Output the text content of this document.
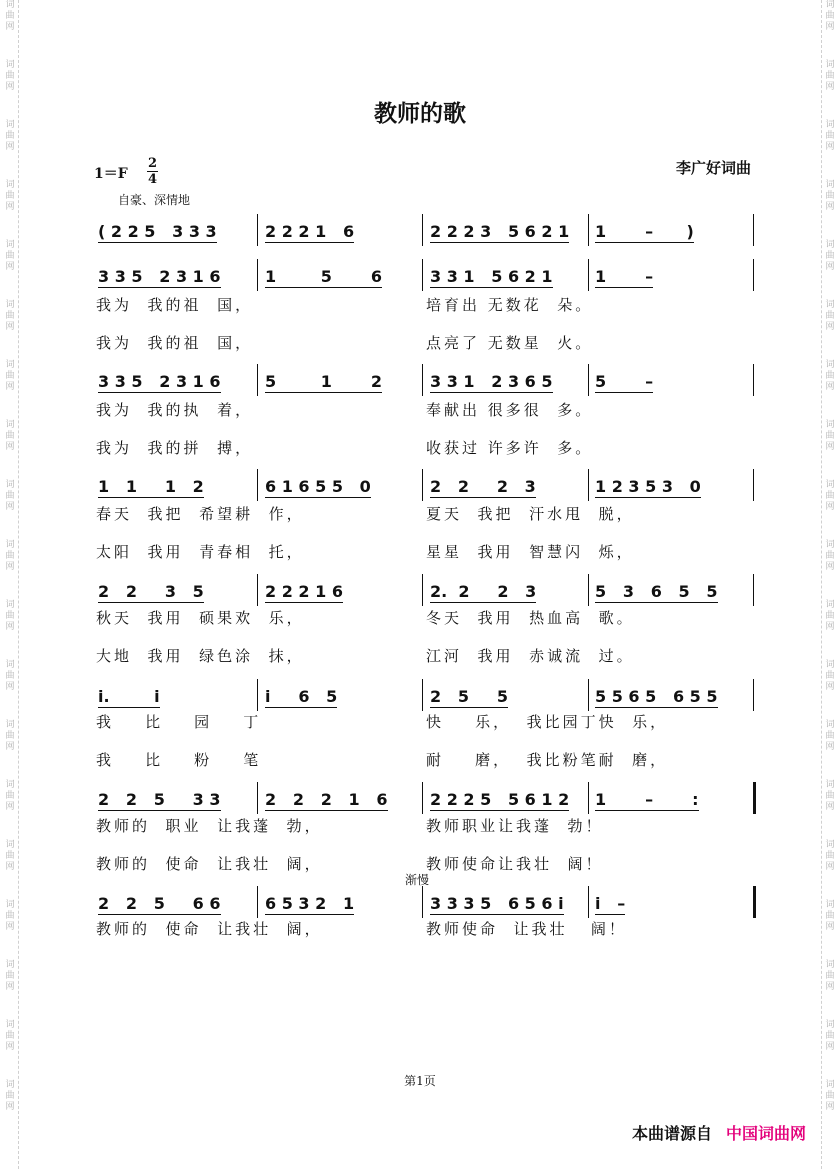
词
曲
网
词
曲
网
词
曲
网
词
曲
网
词
曲
网
词
曲
网
词
曲
网
词
曲
网
词
曲
网
词
曲
网
词
曲
网
词
曲
网
词
曲
网
词
曲
网
词
曲
网
词
曲
网
词
曲
网
词
曲
网
词
曲
网
词
曲
网
词
曲
网
词
曲
网
词
曲
网
词
曲
网
词
曲
网
词
曲
网
词
曲
网
词
曲
网
词
曲
网
词
曲
网
词
曲
网
词
曲
网
词
曲
网
词
曲
网
词
曲
网
词
曲
网
词
曲
网
词
曲
网
教师的歌
1＝F
2
4
自豪、深情地
李广好词曲
( 2 2 5   3 3 3	2 2 2 1   6	2 2 2 3   5 6 2 1 1       –      )
3 3 5   2 3 1 6	1        5       6	3 3 1   5 6 2 1	1       –
3 3 5   2 3 1 6	5        1       2	3 3 1   2 3 6 5	5       –
1   1     1   2	6 1 6 5 5   0	2   2     2   3	1 2 3 5 3   0
2   2     3   5	2 2 2 1 6	2.  2     2   3	5   3   6   5   5
i.        i	i     6   5	2   5     5	5 5 6 5   6 5 5
2   2   5     3 3	2   2   2   1   6	2 2 2 5   5 6 1 2 1       –       :
2   2   5     6 6	6 5 3 2   1	3 3 3 5   6 5 6 i i   –
我为  我的祖  国，	培育出 无数花  朵。
我为  我的祖  国，	点亮了 无数星  火。
我为  我的执  着，	奉献出 很多很  多。
我为  我的拼  搏，	收获过 许多许  多。
春天  我把  希望耕  作，	夏天  我把  汗水甩  脱，
太阳  我用  青春相  托，	星星  我用  智慧闪  烁，
秋天  我用  硕果欢  乐，	冬天  我用  热血高  歌。
大地  我用  绿色涂  抹，	江河  我用  赤诚流  过。
我    比    园    丁	快    乐，  我比园丁快  乐，
我    比    粉    笔	耐    磨，  我比粉笔耐  磨，
教师的  职业  让我蓬  勃，	教师职业让我蓬  勃！
教师的  使命  让我壮  阔，	教师使命让我壮  阔！
教师的  使命  让我壮  阔，	教师使命  让我壮   阔！
渐慢
第1页
本曲谱源自 中国词曲网
